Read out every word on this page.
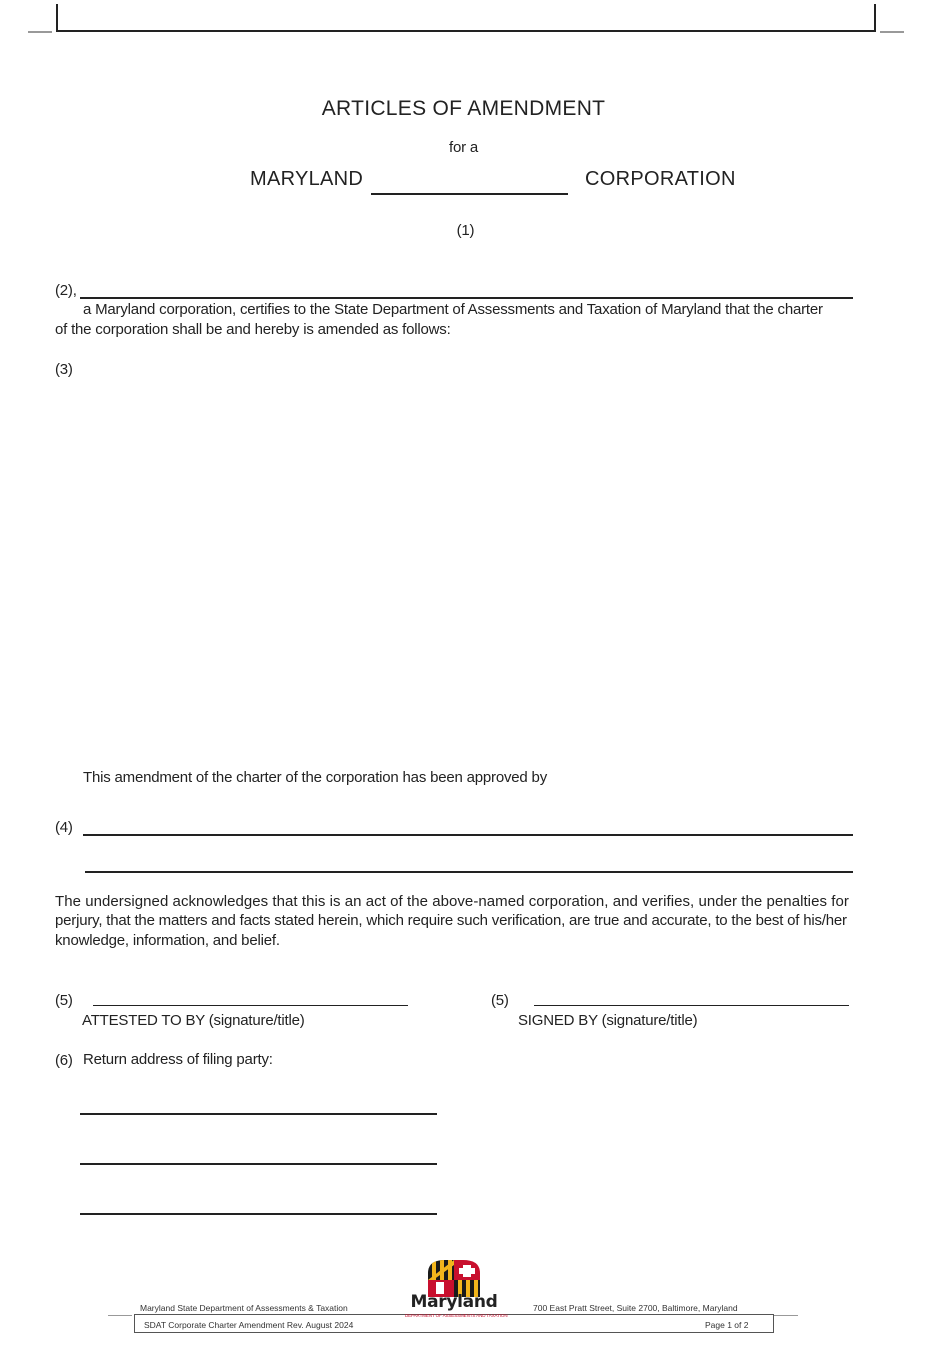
ARTICLES OF AMENDMENT
for a
MARYLAND	CORPORATION
(1)
(2),
a Maryland corporation, certifies to the State Department of Assessments and Taxation of Maryland that the charter
of the corporation shall be and hereby is amended as follows:
(3)
This amendment of the charter of the corporation has been approved by
(4)
The undersigned acknowledges that this is an act of the above-named corporation, and verifies, under the penalties for
perjury, that the matters and facts stated herein, which require such verification, are true and accurate, to the best of his/her
knowledge, information, and belief.
(5)
ATTESTED TO BY (signature/title)
(5)
SIGNED BY (signature/title)
(6) Return address of filing party:
Maryland State Department of Assessments & Taxation	700 East Pratt Street, Suite 2700, Baltimore, Maryland
SDAT Corporate Charter Amendment Rev. August 2024	Page 1 of 2
Maryland
DEPARTMENT OF ASSESSMENTS AND TAXATION
